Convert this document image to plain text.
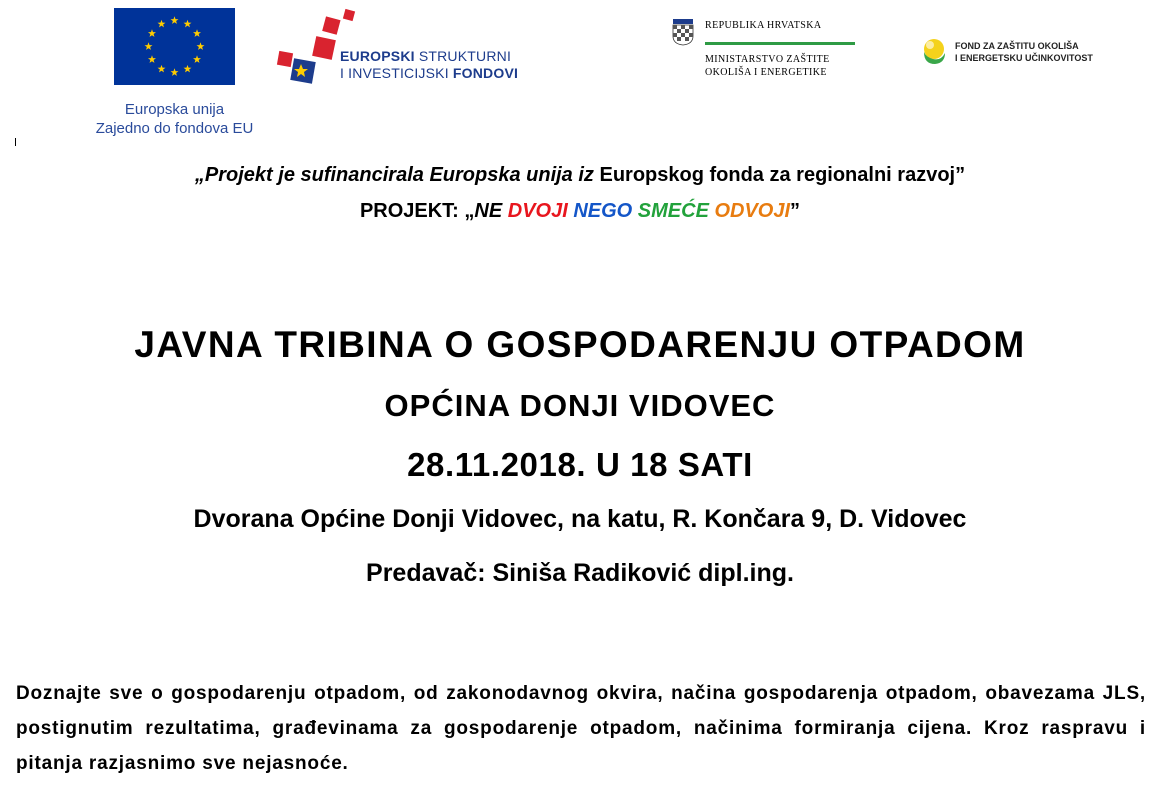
Europska unija
Zajedno do fondova EU
EUROPSKI STRUKTURNI
I INVESTICIJSKI FONDOVI
REPUBLIKA HRVATSKA
MINISTARSTVO ZAŠTITE
OKOLIŠA I ENERGETIKE
FOND ZA ZAŠTITU OKOLIŠA
I ENERGETSKU UČINKOVITOST
„Projekt je sufinancirala Europska unija iz Europskog fonda za regionalni razvoj”
PROJEKT: „NE DVOJI NEGO SMEĆE ODVOJI”
JAVNA TRIBINA O GOSPODARENJU OTPADOM
OPĆINA DONJI VIDOVEC
28.11.2018. U 18 SATI
Dvorana Općine Donji Vidovec, na katu, R. Končara 9, D. Vidovec
Predavač: Siniša Radiković dipl.ing.
Doznajte sve o gospodarenju otpadom, od zakonodavnog okvira, načina gospodarenja otpadom, obavezama JLS, postignutim rezultatima, građevinama za gospodarenje otpadom, načinima formiranja cijena. Kroz raspravu i pitanja razjasnimo sve nejasnoće.
